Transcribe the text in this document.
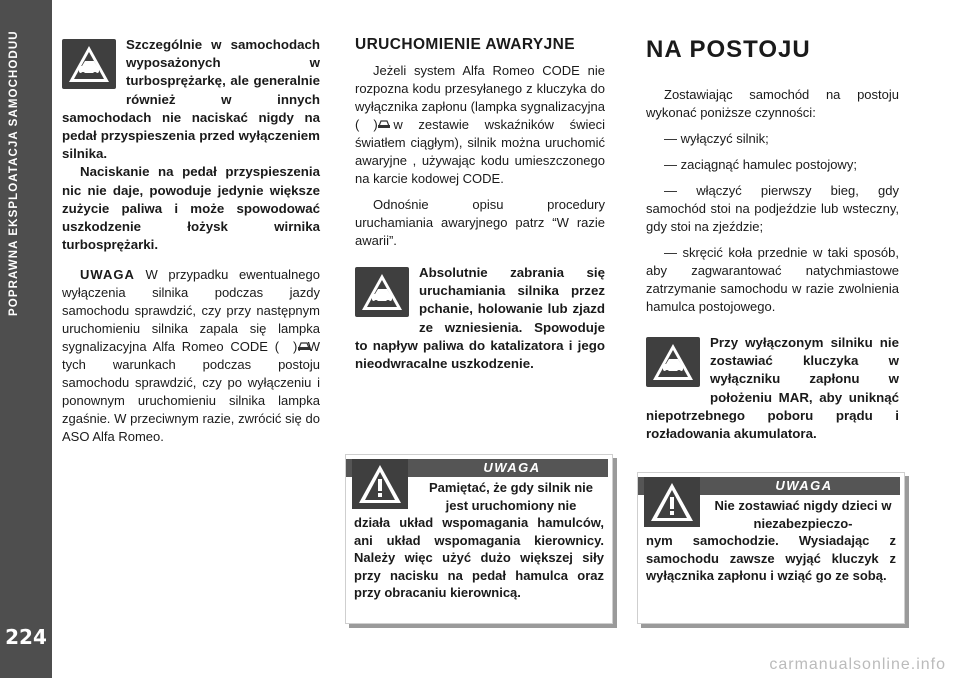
POPRAWNA EKSPLOATACJA SAMOCHODUU
224

Szczególnie w samochodach wyposażonych w turbosprężarkę, ale generalnie również w innych samochodach nie naciskać nigdy na pedał przyspieszenia przed wyłączeniem silnika.

Naciskanie na pedał przyspieszenia nic nie daje, powoduje jedynie większe zużycie paliwa i może spowodować uszkodzenie łożysk wirnika turbosprężarki.

UWAGA W przypadku ewentualnego wyłączenia silnika podczas jazdy samochodu sprawdzić, czy przy następnym uruchomieniu silnika zapala się lampka sygnalizacyjna Alfa Romeo CODE ( ). W tych warunkach podczas postoju samochodu sprawdzić, czy po wyłączeniu i ponownym uruchomieniu silnika lampka zgaśnie. W przeciwnym razie, zwrócić się do ASO Alfa Romeo.

URUCHOMIENIE AWARYJNE

Jeżeli system Alfa Romeo CODE nie rozpozna kodu przesyłanego z kluczyka do wyłącznika zapłonu (lampka sygnalizacyjna ( ) w zestawie wskaźników świeci światłem ciągłym), silnik można uruchomić awaryjne , używając kodu umieszczonego na karcie kodowej CODE.

Odnośnie opisu procedury uruchamiania awaryjnego patrz “W razie awarii”.

Absolutnie zabrania się uruchamiania silnika przez pchanie, holowanie lub zjazd ze wzniesienia. Spowoduje to napływ paliwa do katalizatora i jego nieodwracalne uszkodzenie.

NA POSTOJU

Zostawiając samochód na postoju wykonać poniższe czynności:

— wyłączyć silnik;

— zaciągnąć hamulec postojowy;

— włączyć pierwszy bieg, gdy samochód stoi na podjeździe lub wsteczny, gdy stoi na zjeździe;

— skręcić koła przednie w taki sposób, aby zagwarantować natychmiastowe zatrzymanie samochodu w razie zwolnienia hamulca postojowego.

Przy wyłączonym silniku nie zostawiać kluczyka w wyłączniku zapłonu w położeniu MAR, aby uniknąć niepotrzebnego poboru prądu i rozładowania akumulatora.

UWAGA

Pamiętać, że gdy silnik nie jest uruchomiony nie

działa układ wspomagania hamulców, ani układ wspomagania kierownicy. Należy więc użyć dużo większej siły przy nacisku na pedał hamulca oraz przy obracaniu kierownicą.

UWAGA

Nie zostawiać nigdy dzieci w niezabezpieczo-

nym samochodzie. Wysiadając z samochodu zawsze wyjąć kluczyk z wyłącznika zapłonu i wziąć go ze sobą.

carmanualsonline.info
